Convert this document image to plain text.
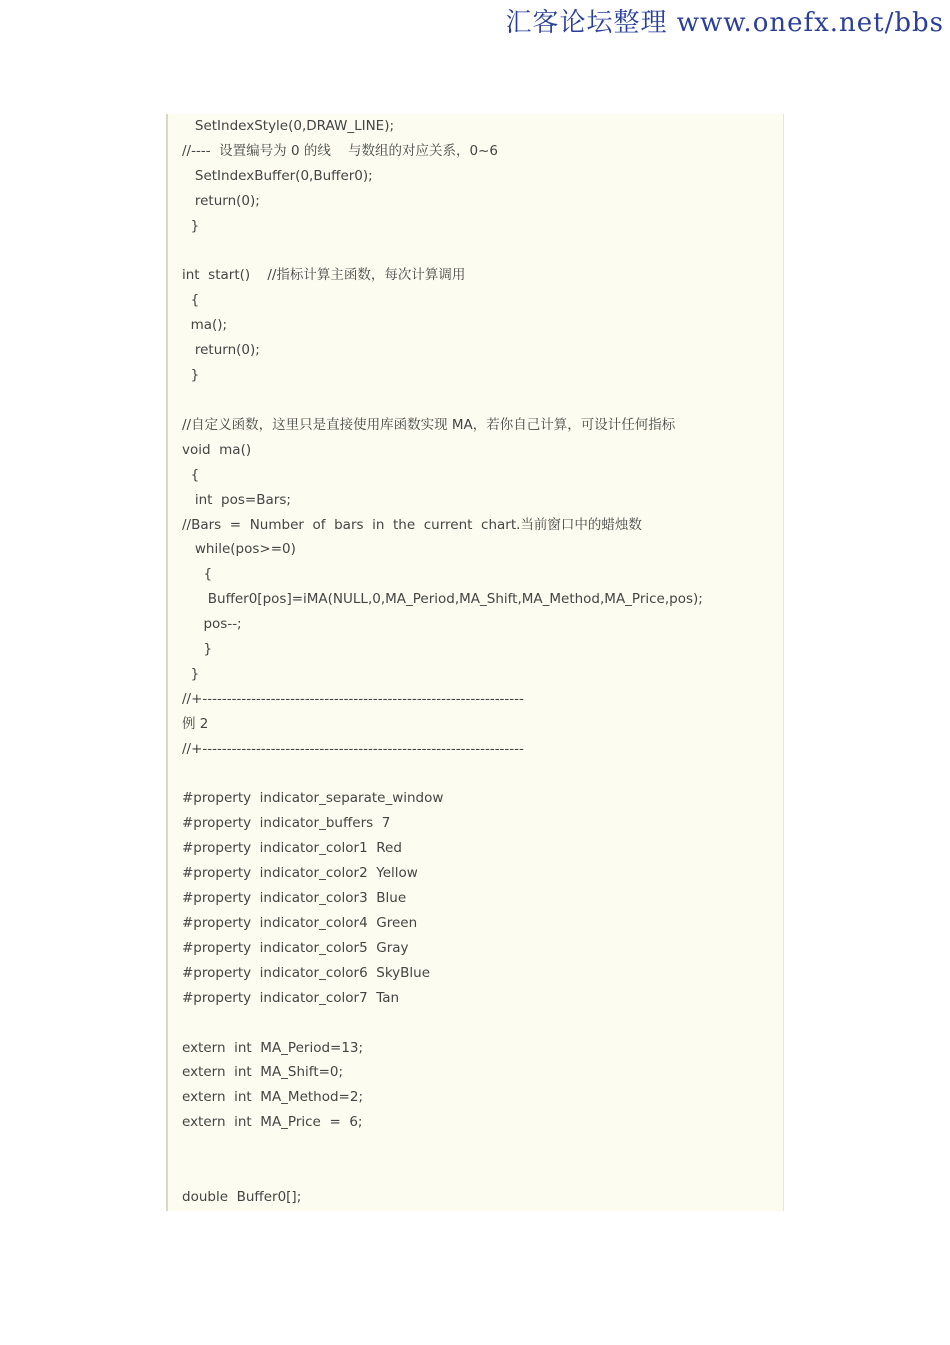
汇客论坛整理 www.onefx.net/bbs
SetIndexStyle(0,DRAW_LINE);
//----  设置编号为 0 的线    与数组的对应关系，0~6
SetIndexBuffer(0,Buffer0);
return(0);
}
int  start()    //指标计算主函数，每次计算调用
{
ma();
return(0);
}
//自定义函数，这里只是直接使用库函数实现 MA，若你自己计算，可设计任何指标
void  ma()
{
int  pos=Bars;
//Bars  =  Number  of  bars  in  the  current  chart.当前窗口中的蜡烛数
while(pos>=0)
{
Buffer0[pos]=iMA(NULL,0,MA_Period,MA_Shift,MA_Method,MA_Price,pos);
pos--;
}
}
//+------------------------------------------------------------------
例 2
//+------------------------------------------------------------------
#property  indicator_separate_window
#property  indicator_buffers  7
#property  indicator_color1  Red
#property  indicator_color2  Yellow
#property  indicator_color3  Blue
#property  indicator_color4  Green
#property  indicator_color5  Gray
#property  indicator_color6  SkyBlue
#property  indicator_color7  Tan
extern  int  MA_Period=13;
extern  int  MA_Shift=0;
extern  int  MA_Method=2;
extern  int  MA_Price  =  6;
double  Buffer0[];
